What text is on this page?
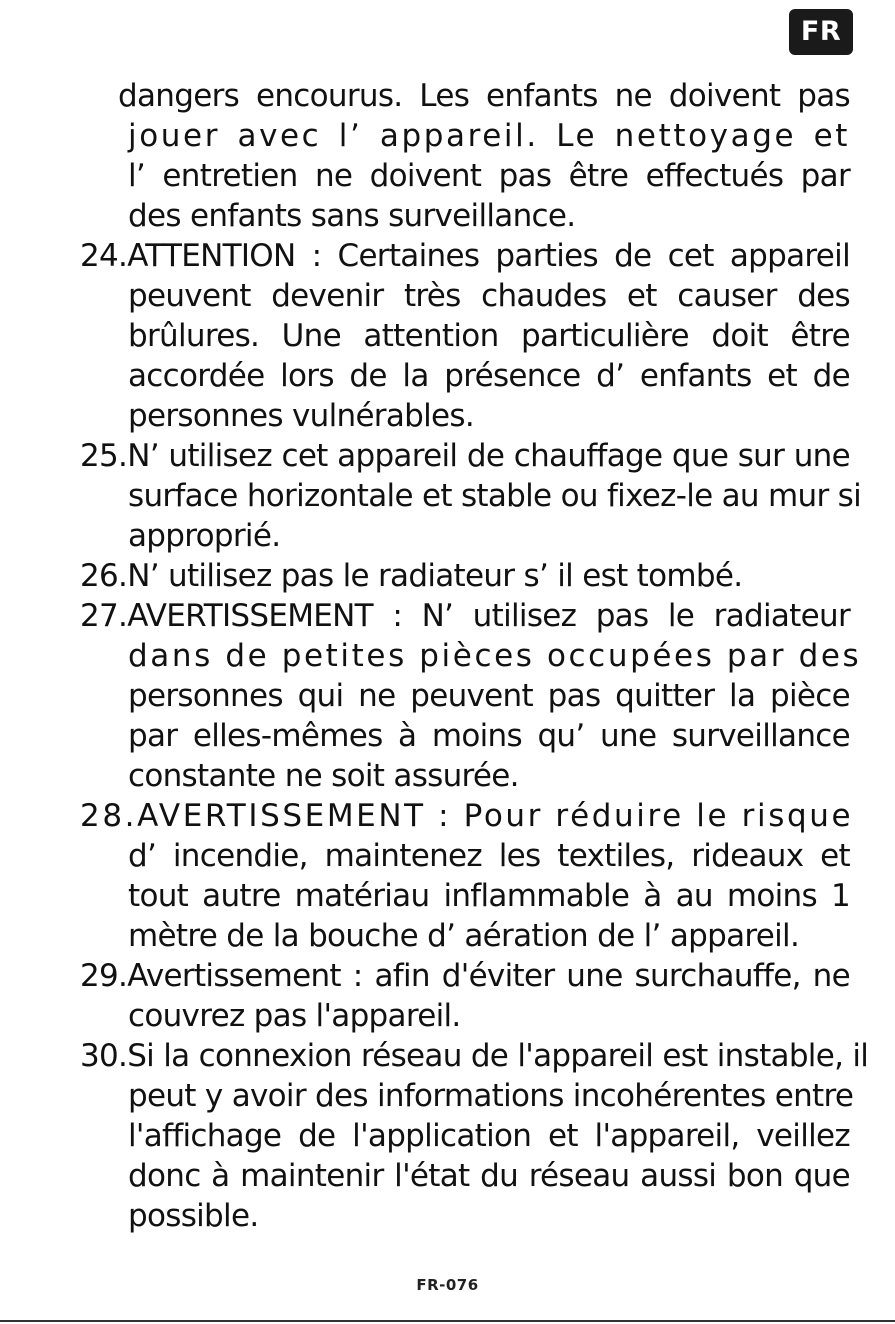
FR
dangers encourus. Les enfants ne doivent pas
jouer avec l’ appareil. Le nettoyage et
l’ entretien ne doivent pas être effectués par
des enfants sans surveillance.
24.ATTENTION : Certaines parties de cet appareil
peuvent devenir très chaudes et causer des
brûlures. Une attention particulière doit être
accordée lors de la présence d’ enfants et de
personnes vulnérables.
25.N’ utilisez cet appareil de chauffage que sur une
surface horizontale et stable ou fixez-le au mur si
approprié.
26.N’ utilisez pas le radiateur s’ il est tombé.
27.AVERTISSEMENT : N’ utilisez pas le radiateur
dans de petites pièces occupées par des
personnes qui ne peuvent pas quitter la pièce
par elles-mêmes à moins qu’ une surveillance
constante ne soit assurée.
28.AVERTISSEMENT : Pour réduire le risque
d’ incendie, maintenez les textiles, rideaux et
tout autre matériau inflammable à au moins 1
mètre de la bouche d’ aération de l’ appareil.
29.Avertissement : afin d'éviter une surchauffe, ne
couvrez pas l'appareil.
30.Si la connexion réseau de l'appareil est instable, il
peut y avoir des informations incohérentes entre
l'affichage de l'application et l'appareil, veillez
donc à maintenir l'état du réseau aussi bon que
possible.
FR-076
